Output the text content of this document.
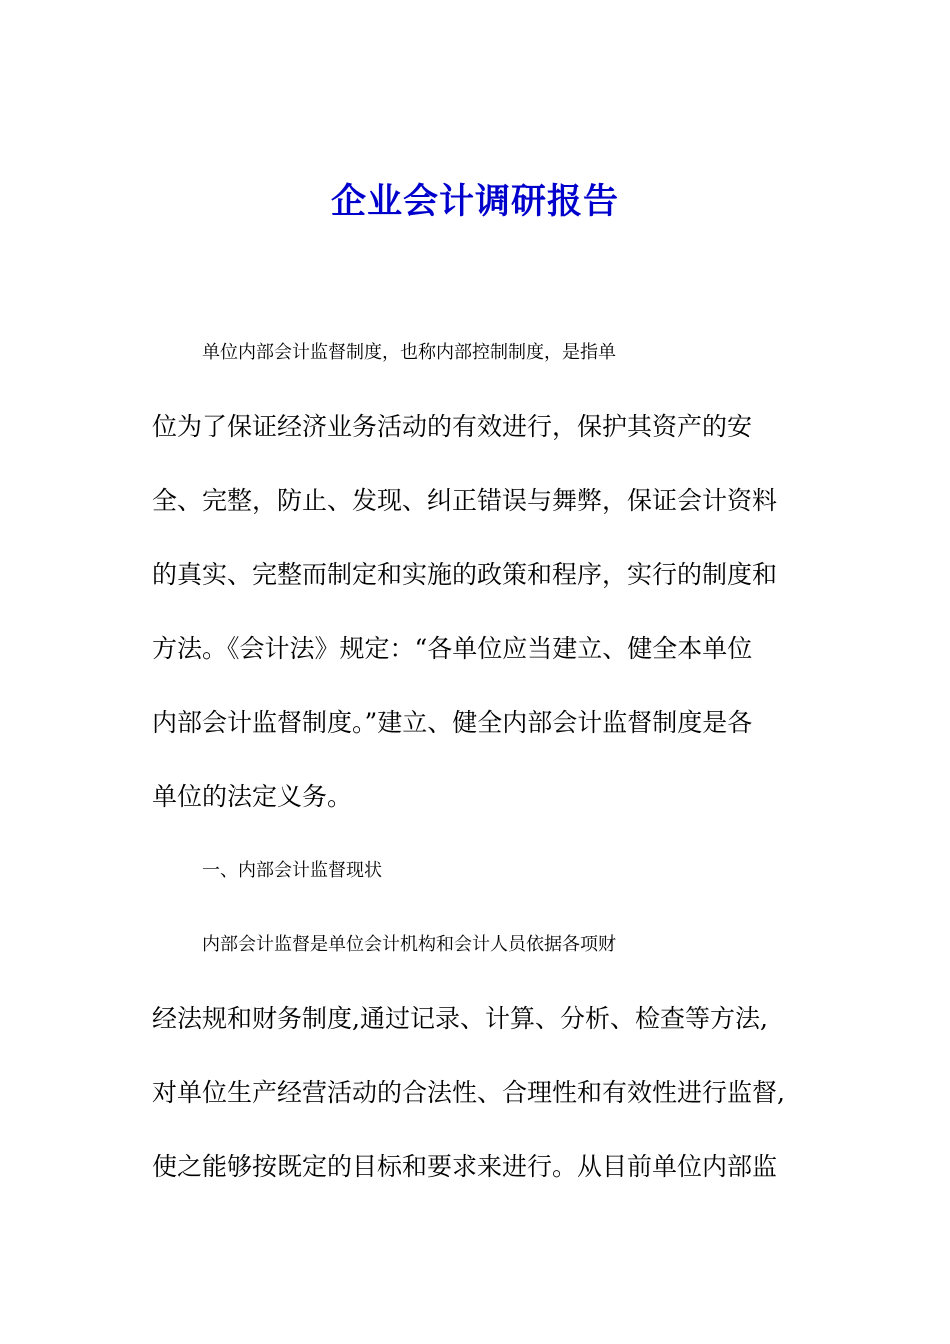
企业会计调研报告

单位内部会计监督制度，也称内部控制制度，是指单

位为了保证经济业务活动的有效进行，保护其资产的安

全、完整，防止、发现、纠正错误与舞弊，保证会计资料

的真实、完整而制定和实施的政策和程序，实行的制度和

方法。《会计法》规定：“各单位应当建立、健全本单位

内部会计监督制度。”建立、健全内部会计监督制度是各

单位的法定义务。

一、内部会计监督现状

内部会计监督是单位会计机构和会计人员依据各项财

经法规和财务制度,通过记录、计算、分析、检查等方法,

对单位生产经营活动的合法性、合理性和有效性进行监督,

使之能够按既定的目标和要求来进行。从目前单位内部监
